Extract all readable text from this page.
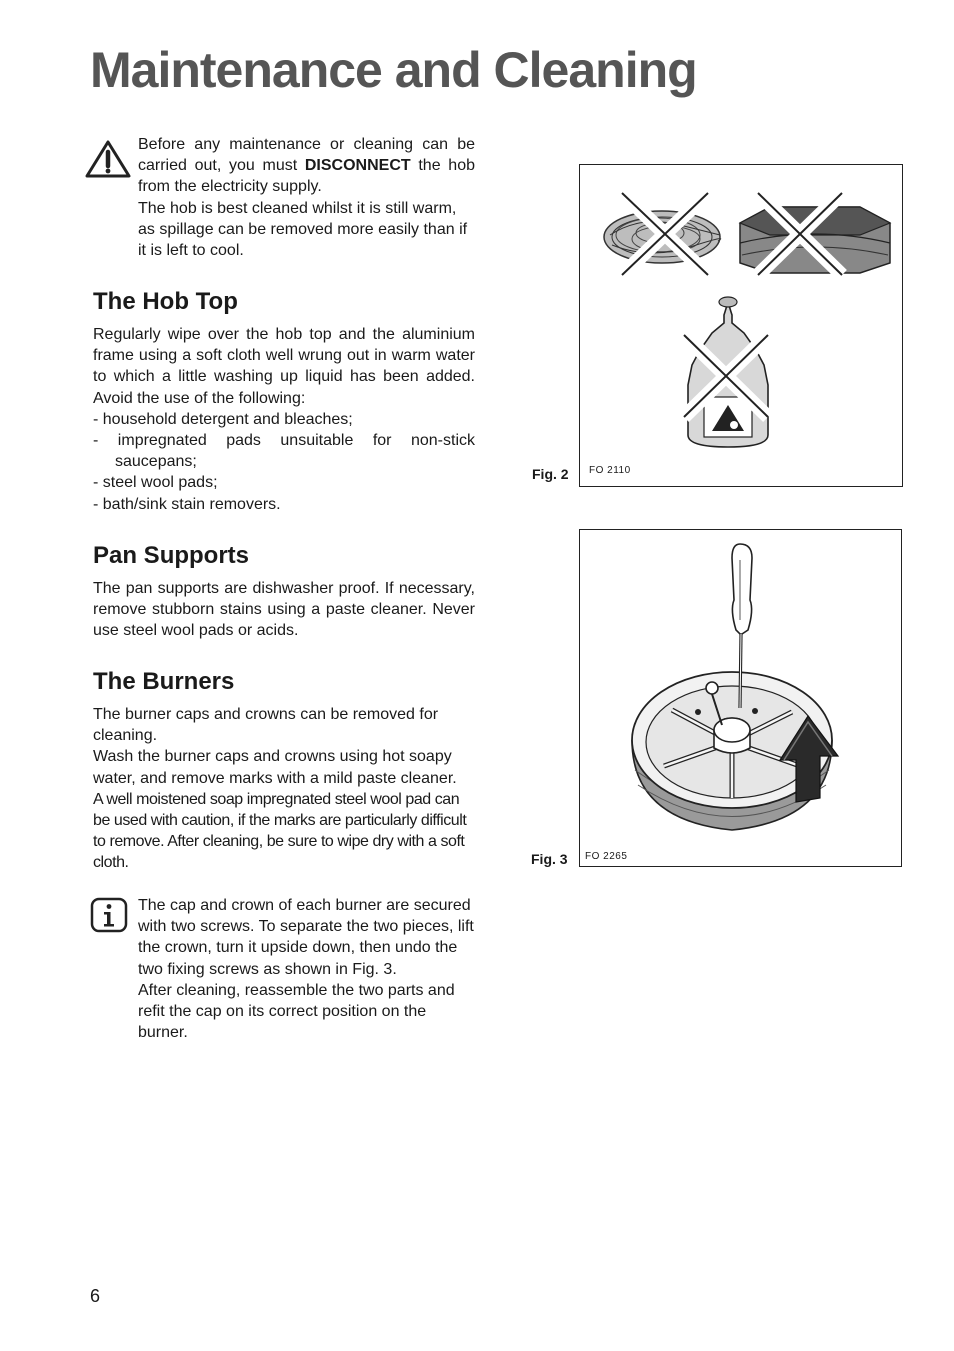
Maintenance and Cleaning
Before any maintenance or cleaning can be carried out, you must DISCONNECT the hob from the electricity supply.
The hob is best cleaned whilst it is still warm, as spillage can be removed more easily than if it is left to cool.
The Hob Top
Regularly wipe over the hob top and the aluminium frame using a soft cloth well wrung out in warm water to which a little washing up liquid has been added. Avoid the use of the following:
- household detergent and bleaches;
- impregnated pads unsuitable for non-stick saucepans;
- steel wool pads;
- bath/sink stain removers.
Pan Supports
The pan supports are dishwasher proof. If necessary, remove stubborn stains using a paste cleaner. Never use steel wool pads or acids.
The Burners
The burner caps and crowns can be removed for cleaning.
Wash the burner caps and crowns using hot soapy water, and remove marks with a mild paste cleaner.
A well moistened soap impregnated steel wool pad can be used with caution, if the marks are particularly difficult to remove. After cleaning, be sure to wipe dry with a soft cloth.
The cap and crown of each burner are secured with two screws. To separate the two pieces, lift the crown, turn it upside down, then undo the two fixing screws as shown in Fig. 3.
After cleaning, reassemble the two parts and refit the cap on its correct position on the burner.
Fig. 2 FO 2110
Fig. 3 FO 2265
6
